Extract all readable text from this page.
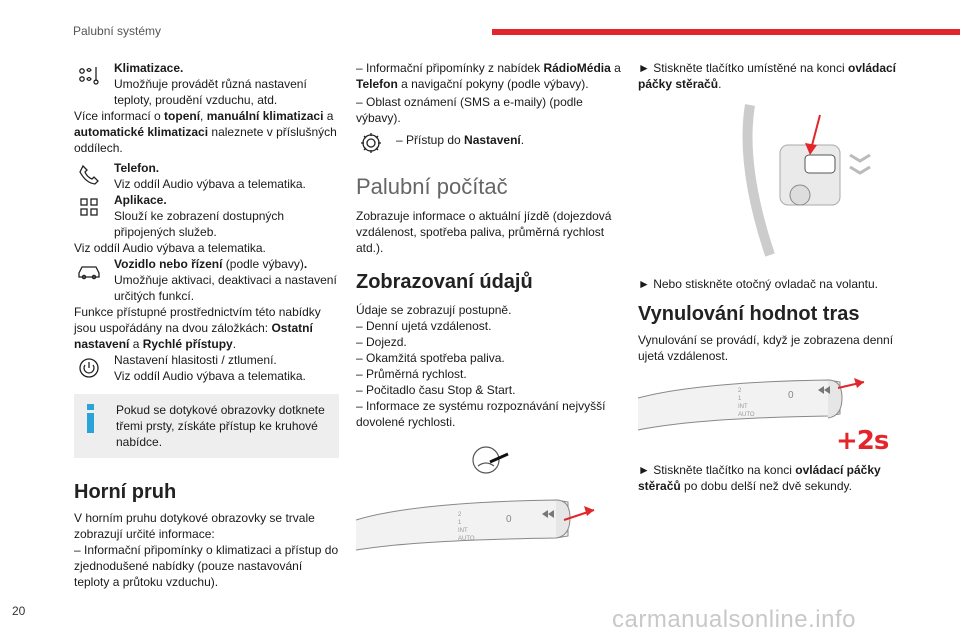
Palubní systémy
Klimatizace.
Umožňuje provádět různá nastavení teploty, proudění vzduchu, atd.
Více informací o topení, manuální klimatizaci a automatické klimatizaci naleznete v příslušných oddílech.
Telefon.
Viz oddíl Audio výbava a telematika.
Aplikace.
Slouží ke zobrazení dostupných připojených služeb.
Viz oddíl Audio výbava a telematika.
Vozidlo nebo řízení (podle výbavy).
Umožňuje aktivaci, deaktivaci a nastavení určitých funkcí.
Funkce přístupné prostřednictvím této nabídky jsou uspořádány na dvou záložkách: Ostatní nastavení a Rychlé přístupy.
Nastavení hlasitosti / ztlumení.
Viz oddíl Audio výbava a telematika.
Pokud se dotykové obrazovky dotknete třemi prsty, získáte přístup ke kruhové nabídce.
Horní pruh
V horním pruhu dotykové obrazovky se trvale zobrazují určité informace:
– Informační připomínky o klimatizaci a přístup do zjednodušené nabídky (pouze nastavování teploty a průtoku vzduchu).
– Informační připomínky z nabídek RádioMédia a Telefon a navigační pokyny (podle výbavy).
– Oblast oznámení (SMS a e-maily) (podle výbavy).
– Přístup do Nastavení.
Palubní počítač
Zobrazuje informace o aktuální jízdě (dojezdová vzdálenost, spotřeba paliva, průměrná rychlost atd.).
Zobrazovaní údajů
Údaje se zobrazují postupně.
– Denní ujetá vzdálenost.
– Dojezd.
– Okamžitá spotřeba paliva.
– Průměrná rychlost.
– Počitadlo času Stop & Start.
– Informace ze systému rozpoznávání nejvyšší dovolené rychlosti.
2
1
INT
AUTO
0
► Stiskněte tlačítko umístěné na konci ovládací páčky stěračů.
► Nebo stiskněte otočný ovladač na volantu.
Vynulování hodnot tras
Vynulování se provádí, když je zobrazena denní ujetá vzdálenost.
2
1
INT
AUTO
0
+2s
► Stiskněte tlačítko na konci ovládací páčky stěračů po dobu delší než dvě sekundy.
20	carmanualsonline.info
